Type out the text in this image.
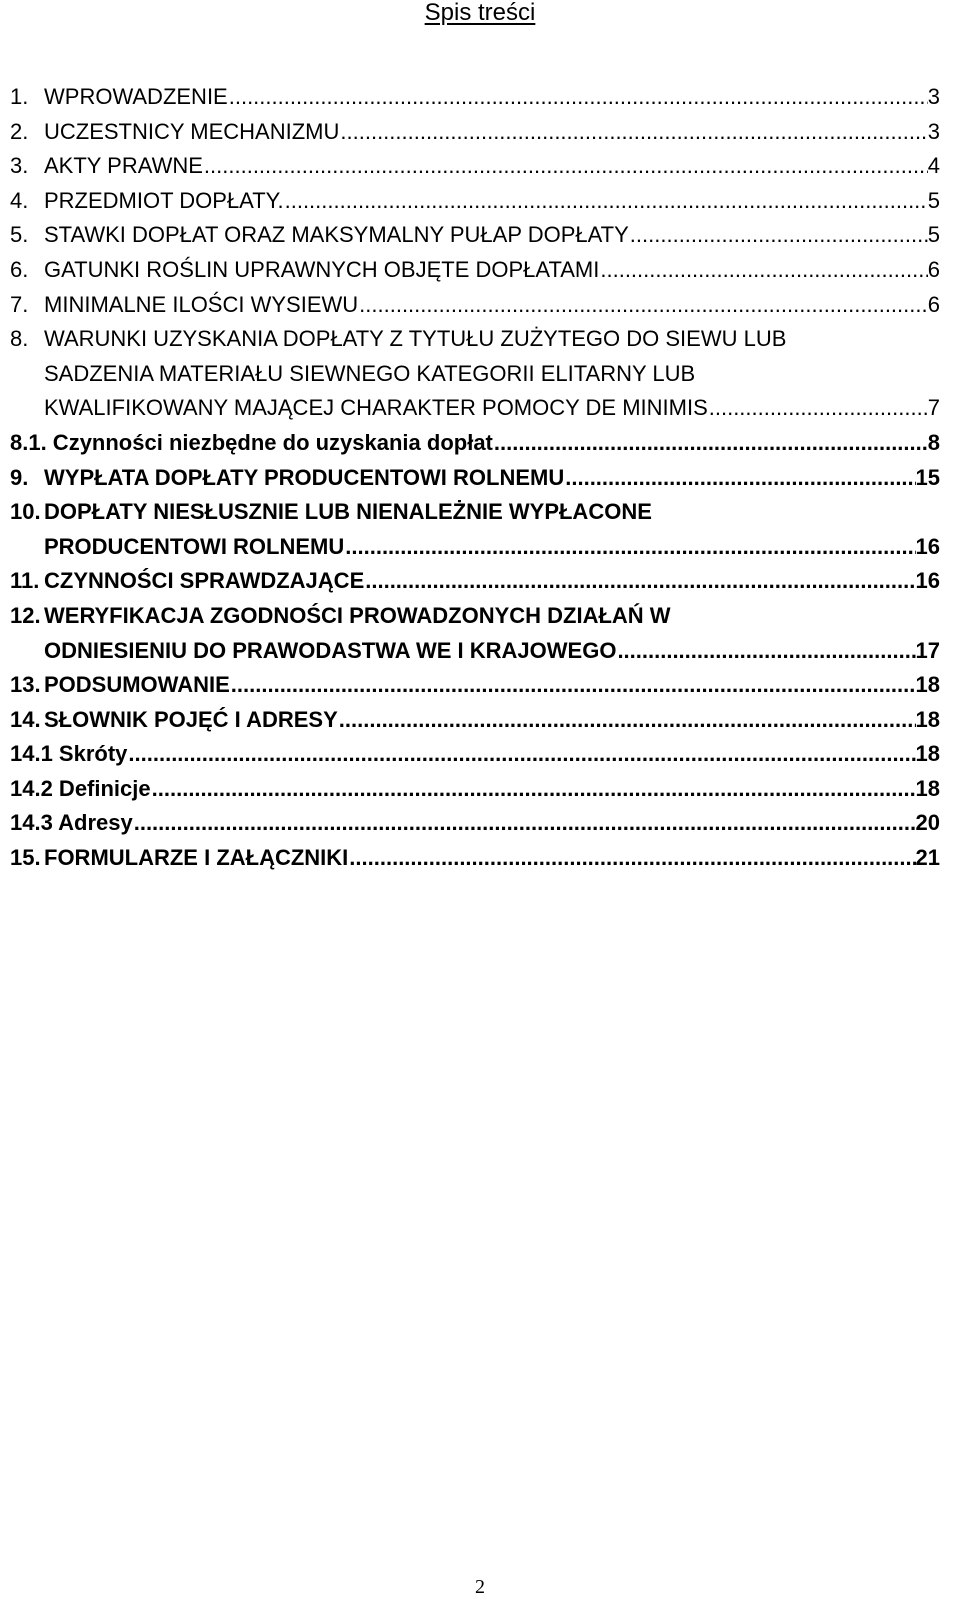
Spis treści
1. WPROWADZENIE .....	3
2. UCZESTNICY MECHANIZMU .....	3
3. AKTY PRAWNE .....	4
4. PRZEDMIOT DOPŁATY. .....	5
5. STAWKI DOPŁAT ORAZ MAKSYMALNY PUŁAP DOPŁATY .....	5
6. GATUNKI ROŚLIN UPRAWNYCH OBJĘTE DOPŁATAMI .....	6
7. MINIMALNE ILOŚCI WYSIEWU .....	6
8. WARUNKI UZYSKANIA DOPŁATY Z TYTUŁU ZUŻYTEGO DO SIEWU LUB
SADZENIA MATERIAŁU SIEWNEGO KATEGORII ELITARNY LUB
KWALIFIKOWANY MAJĄCEJ CHARAKTER POMOCY DE MINIMIS .....	7
8.1. Czynności niezbędne do uzyskania dopłat .....	8
9. WYPŁATA DOPŁATY PRODUCENTOWI ROLNEMU .....	15
10. DOPŁATY NIESŁUSZNIE LUB NIENALEŻNIE WYPŁACONE
PRODUCENTOWI ROLNEMU .....	16
11. CZYNNOŚCI SPRAWDZAJĄCE .....	16
12. WERYFIKACJA ZGODNOŚCI PROWADZONYCH DZIAŁAŃ W
ODNIESIENIU DO PRAWODASTWA WE I KRAJOWEGO .....	17
13. PODSUMOWANIE .....	18
14. SŁOWNIK POJĘĆ I ADRESY .....	18
14.1 Skróty .....	18
14.2 Definicje .....	18
14.3 Adresy .....	20
15. FORMULARZE I ZAŁĄCZNIKI .....	21
2
